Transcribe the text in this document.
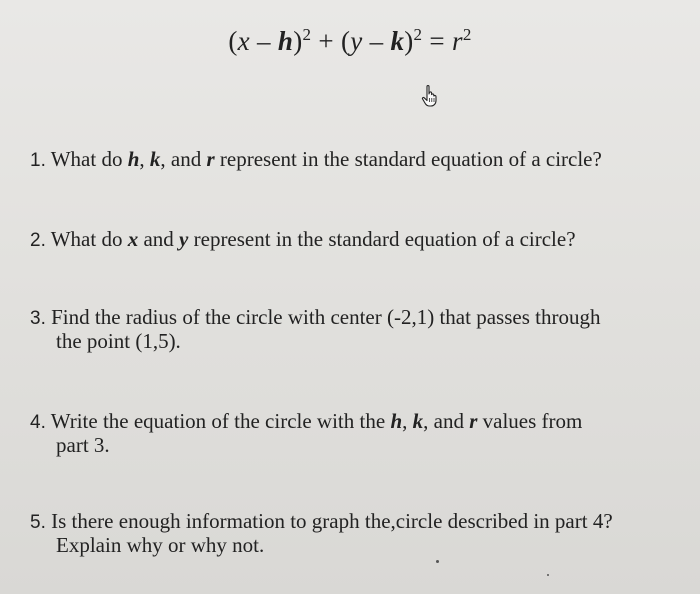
$(x - h)^2 + (y - k)^2 = r^2$
1. What do h, k, and r represent in the standard equation of a circle?
2. What do x and y represent in the standard equation of a circle?
3. Find the radius of the circle with center (-2,1) that passes through
the point (1,5).
4. Write the equation of the circle with the h, k, and r values from
part 3.
5. Is there enough information to graph the,circle described in part 4?
Explain why or why not.
